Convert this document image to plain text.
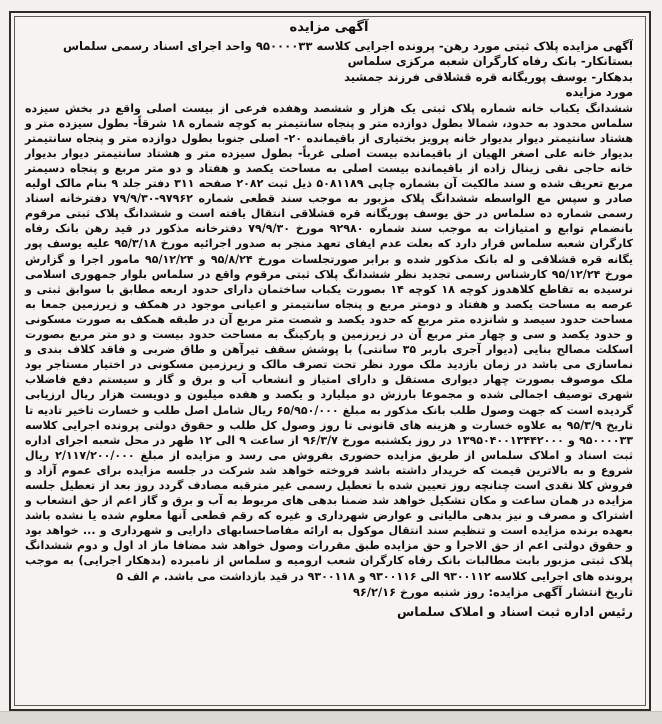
آگهی مزایده
آگهی مزایده پلاک ثبتی مورد رهن- پرونده اجرایی کلاسه ۹۵۰۰۰۰۳۳ واحد اجرای اسناد رسمی سلماس
بستانکار- بانک رفاه کارگران شعبه مرکزی سلماس
بدهکار- یوسف پوریگانه قره قشلاقی فرزند جمشید
مورد مزایده
ششدانگ یکباب خانه شماره پلاک ثبتی یک هزار و ششصد وهفده فرعی از بیست اصلی واقع در بخش سیزده سلماس محدود به حدود، شمالا بطول دوازده متر و پنجاه سانتیمتر به کوچه شماره ۱۸ شرقاً- بطول سیزده متر و هشتاد سانتیمتر دیوار بدیوار خانه پرویز بختیاری از باقیمانده ۲۰- اصلی جنوبا بطول دوازده متر و پنجاه سانتیمتر بدیوار خانه علی اصغر الهیان از باقیمانده بیست اصلی غرباً- بطول سیزده متر و هشتاد سانتیمتر دیوار بدیوار خانه حاجی نقی زینال زاده از باقیمانده بیست اصلی به مساحت یکصد و هفتاد و دو متر مربع و پنجاه دسیمتر مربع تعریف شده و سند مالکیت آن بشماره چاپی ۵۰۸۱۱۸۹ ذیل ثبت ۲۰۸۲ صفحه ۳۱۱ دفتر جلد ۹ بنام مالک اولیه صادر و سپس مع الواسطه ششدانگ پلاک مزبور به موجب سند قطعی شماره ۹۷۹۶۲-۷۹/۹/۳۰ دفترخانه اسناد رسمی شماره ده سلماس در حق یوسف پوریگانه قره قشلاقی انتقال یافته است و ششدانگ پلاک ثبتی مرقوم بانضمام توابع و امتیازات به موجب سند شماره ۹۲۹۸۰ مورخ ۷۹/۹/۳۰ دفترخانه مذکور در قید رهن بانک رفاه کارگران شعبه سلماس قرار دارد که بعلت عدم ایفای تعهد منجر به صدور اجرائیه مورخ ۹۵/۳/۱۸ علیه یوسف پور یگانه قره قشلاقی و له بانک مذکور شده و برابر صورتجلسات مورخ ۹۵/۸/۲۴ و ۹۵/۱۲/۲۴ مامور اجرا و گزارش مورخ ۹۵/۱۲/۲۴ کارشناس رسمی تجدید نظر ششدانگ پلاک ثبتی مرقوم واقع در سلماس بلوار جمهوری اسلامی نرسیده به تقاطع کلاهدوز کوچه ۱۸ کوچه ۱۴ بصورت یکباب ساختمان دارای حدود اربعه مطابق با سوابق ثبتی و عرصه به مساحت یکصد و هفتاد و دومتر مربع و پنجاه سانتیمتر و اعیانی موجود در همکف و زیرزمین جمعا به مساحت حدود سیصد و شانزده متر مربع که حدود یکصد و شصت متر مربع آن در طبقه همکف به صورت مسکونی و حدود یکصد و سی و چهار متر مربع آن در زیرزمین و پارکینگ به مساحت حدود بیست و دو متر مربع بصورت اسکلت مصالح بنایی (دیوار آجری باربر ۳۵ سانتی) با پوشش سقف تیرآهن و طاق ضربی و فاقد کلاف بندی و نماسازی می باشد در زمان بازدید ملک مورد نظر تحت تصرف مالک و زیرزمین مسکونی در اختیار مستاجر بود ملک موصوف بصورت چهار دیواری مستقل و دارای امتیاز و انشعاب آب و برق و گاز و سیستم دفع فاضلاب شهری توصیف اجمالی شده و مجموعا بارزش دو میلیارد و یکصد و هفده میلیون و دویست هزار ریال ارزیابی گردیده است که جهت وصول طلب بانک مذکور به مبلغ ۶۵/۹۵۰/۰۰۰ ریال شامل اصل طلب و خسارت تاخیر تادیه تا تاریخ ۹۵/۳/۹ به علاوه خسارت و هزینه های قانونی تا روز وصول کل طلب و حقوق دولتی پرونده اجرایی کلاسه ۹۵۰۰۰۰۳۳ و ۱۳۹۵۰۴۰۰۱۳۴۴۲۰۰۰ در روز یکشنبه مورخ ۹۶/۳/۷ از ساعت ۹ الی ۱۲ ظهر در محل شعبه اجرای اداره ثبت اسناد و املاک سلماس از طریق مزایده حضوری بفروش می رسد و مزایده از مبلغ ۲/۱۱۷/۲۰۰/۰۰۰ ریال شروع و به بالاترین قیمت که خریدار داشته باشد فروخته خواهد شد شرکت در جلسه مزایده برای عموم آزاد و فروش کلا نقدی است چنانچه روز تعیین شده با تعطیل رسمی غیر مترقبه مصادف گردد روز بعد از تعطیل جلسه مزایده در همان ساعت و مکان تشکیل خواهد شد ضمنا بدهی های مربوط به آب و برق و گاز اعم از حق انشعاب و اشتراک و مصرف و نیز بدهی مالیاتی و عوارض شهرداری و غیره که رقم قطعی آنها معلوم شده یا نشده باشد بعهده برنده مزایده است و تنظیم سند انتقال موکول به ارائه مفاصاحسابهای دارایی و شهرداری و ... خواهد بود و حقوق دولتی اعم از حق الاجرا و حق مزایده طبق مقررات وصول خواهد شد مضافا ماز اد اول و دوم ششدانگ پلاک ثبتی مزبور بابت مطالبات بانک رفاه کارگران شعب ارومیه و سلماس از نامبرده (بدهکار اجرایی) به موجب پرونده های اجرایی کلاسه ۹۳۰۰۱۱۲ الی ۹۳۰۰۱۱۶ و ۹۳۰۰۱۱۸ در قید بازداشت می باشد. م الف ۵
تاریخ انتشار آگهی مزایده: روز شنبه مورخ ۹۶/۲/۱۶
رئیس اداره ثبت اسناد و املاک سلماس
